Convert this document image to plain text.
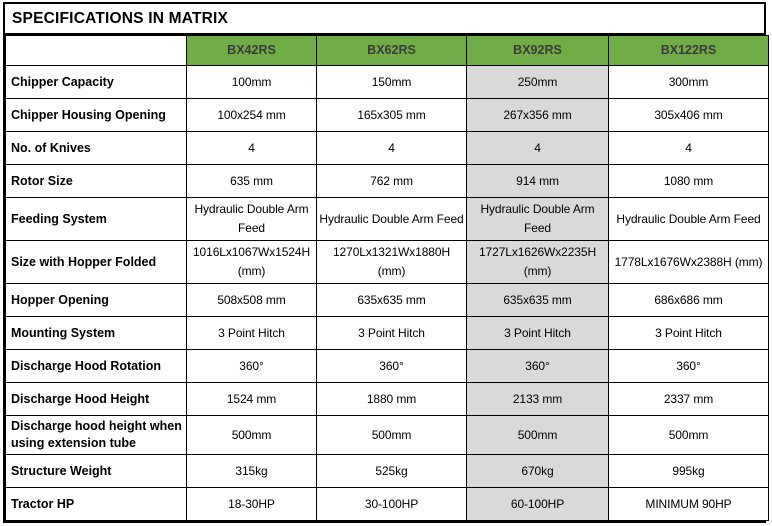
SPECIFICATIONS IN MATRIX
	BX42RS	BX62RS	BX92RS	BX122RS
Chipper Capacity	100mm	150mm	250mm	300mm
Chipper Housing Opening	100x254 mm	165x305 mm	267x356 mm	305x406 mm
No. of Knives	4	4	4	4
Rotor Size	635 mm	762 mm	914 mm	1080 mm
Feeding System	Hydraulic Double Arm Feed	Hydraulic Double Arm Feed	Hydraulic Double Arm Feed	Hydraulic Double Arm Feed
Size with Hopper Folded	1016Lx1067Wx1524H (mm)	1270Lx1321Wx1880H (mm)	1727Lx1626Wx2235H (mm)	1778Lx1676Wx2388H (mm)
Hopper Opening	508x508 mm	635x635 mm	635x635 mm	686x686 mm
Mounting System	3 Point Hitch	3 Point Hitch	3 Point Hitch	3 Point Hitch
Discharge Hood Rotation	360°	360°	360°	360°
Discharge Hood Height	1524 mm	1880 mm	2133 mm	2337 mm
Discharge hood height when using extension tube	500mm	500mm	500mm	500mm
Structure Weight	315kg	525kg	670kg	995kg
Tractor HP	18-30HP	30-100HP	60-100HP	MINIMUM 90HP
